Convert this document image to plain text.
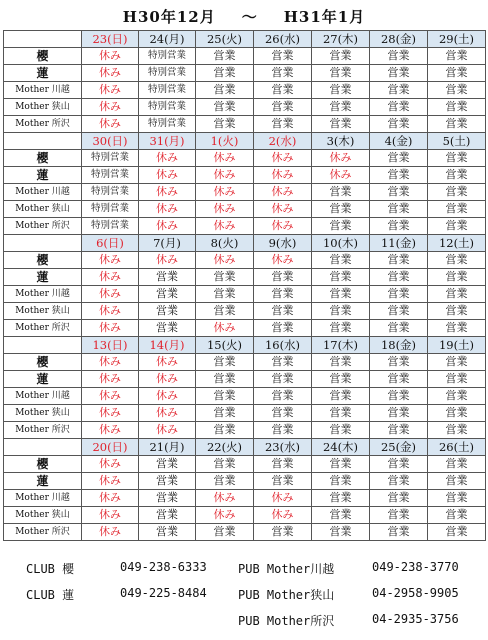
H30年12月 ～ H31年1月
	23(日)	24(月)	25(火)	26(水)	27(木)	28(金)	29(土)
櫻	休み	特別営業	営業	営業	営業	営業	営業
蓮	休み	特別営業	営業	営業	営業	営業	営業
Mother 川越	休み	特別営業	営業	営業	営業	営業	営業
Mother 狭山	休み	特別営業	営業	営業	営業	営業	営業
Mother 所沢	休み	特別営業	営業	営業	営業	営業	営業
	30(日)	31(月)	1(火)	2(水)	3(木)	4(金)	5(土)
櫻	特別営業	休み	休み	休み	休み	営業	営業
蓮	特別営業	休み	休み	休み	休み	営業	営業
Mother 川越	特別営業	休み	休み	休み	営業	営業	営業
Mother 狭山	特別営業	休み	休み	休み	営業	営業	営業
Mother 所沢	特別営業	休み	休み	休み	営業	営業	営業
	6(日)	7(月)	8(火)	9(水)	10(木)	11(金)	12(土)
櫻	休み	休み	休み	休み	営業	営業	営業
蓮	休み	営業	営業	営業	営業	営業	営業
Mother 川越	休み	営業	営業	営業	営業	営業	営業
Mother 狭山	休み	営業	営業	営業	営業	営業	営業
Mother 所沢	休み	営業	休み	営業	営業	営業	営業
	13(日)	14(月)	15(火)	16(水)	17(木)	18(金)	19(土)
櫻	休み	休み	営業	営業	営業	営業	営業
蓮	休み	休み	営業	営業	営業	営業	営業
Mother 川越	休み	休み	営業	営業	営業	営業	営業
Mother 狭山	休み	休み	営業	営業	営業	営業	営業
Mother 所沢	休み	休み	営業	営業	営業	営業	営業
	20(日)	21(月)	22(火)	23(水)	24(木)	25(金)	26(土)
櫻	休み	営業	営業	営業	営業	営業	営業
蓮	休み	営業	営業	営業	営業	営業	営業
Mother 川越	休み	営業	休み	休み	営業	営業	営業
Mother 狭山	休み	営業	休み	休み	営業	営業	営業
Mother 所沢	休み	営業	営業	営業	営業	営業	営業
CLUB 櫻	049-238-6333
CLUB 蓮	049-225-8484
PUB Mother川越	049-238-3770
PUB Mother狭山	04-2958-9905
PUB Mother所沢	04-2935-3756
